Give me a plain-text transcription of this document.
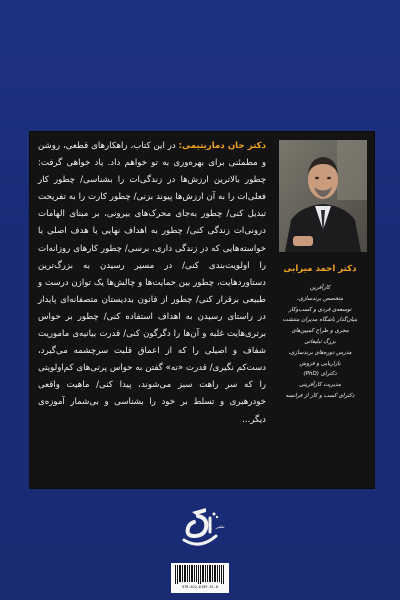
دکتر جان دماریتیمی: در این کتاب، راهکارهای قطعی، روشن و مطمئنی برای بهره‌وری به تو خواهم داد. یاد خواهی گرفت: چطور بالاترین ارزش‌ها در زندگی‌ات را بشناسی/ چطور کار فعلی‌ات را به آن ارزش‌ها پیوند بزنی/ چطور کارت را به تفریحت تبدیل کنی/ چطور به‌جای محرک‌های بیرونی، بر مبنای الهامات درونی‌ات زندگی کنی/ چطور به اهداف نهایی یا هدف اصلی یا خواسته‌هایی که در زندگی داری، برسی/ چطور کارهای روزانه‌ات را اولویت‌بندی کنی/ در مسیر رسیدن به بزرگ‌ترین دستاوردهایت، چطور بین حمایت‌ها و چالش‌ها یک توازن درست و طبیعی برقرار کنی/ چطور از قانون بددیستان متصفانه‌ای پایدار در راستای رسیدن به اهداف استفاده کنی/ چطور بر حواس برتری‌هایت غلبه و آن‌ها را دگرگون کنی/ قدرت بیانیه‌ی ماموریت شفاف و اصیلی را که از اعماق قلبت سرچشمه می‌گیرد، دست‌کم نگیری/ قدرت «نه» گفتن به حواس پرتی‌های کم‌اولویتی را که سر راهت سبز می‌شوند، پیدا کنی/ ماهیت واقعی خودرهبری و تسلط بر خود را بشناسی و بی‌شمار آموزه‌ی دیگر...

دکتر احمد میرابی
کارآفرین
متخصص برندسازی،
توسعه‌ی فردی و کسب‌وکار
بنیان‌گذار باشگاه مدیران منتشت
مجری و طراح کمپین‌های
بزرگ تبلیغاتی
مدرس دوره‌های برندسازی،
بازاریابی و فروش
دکترای (PhD)
مدیریت کارآفرینی
دکترای کسب و کار از فرانسه
نشر
978-622-6199-91-8
